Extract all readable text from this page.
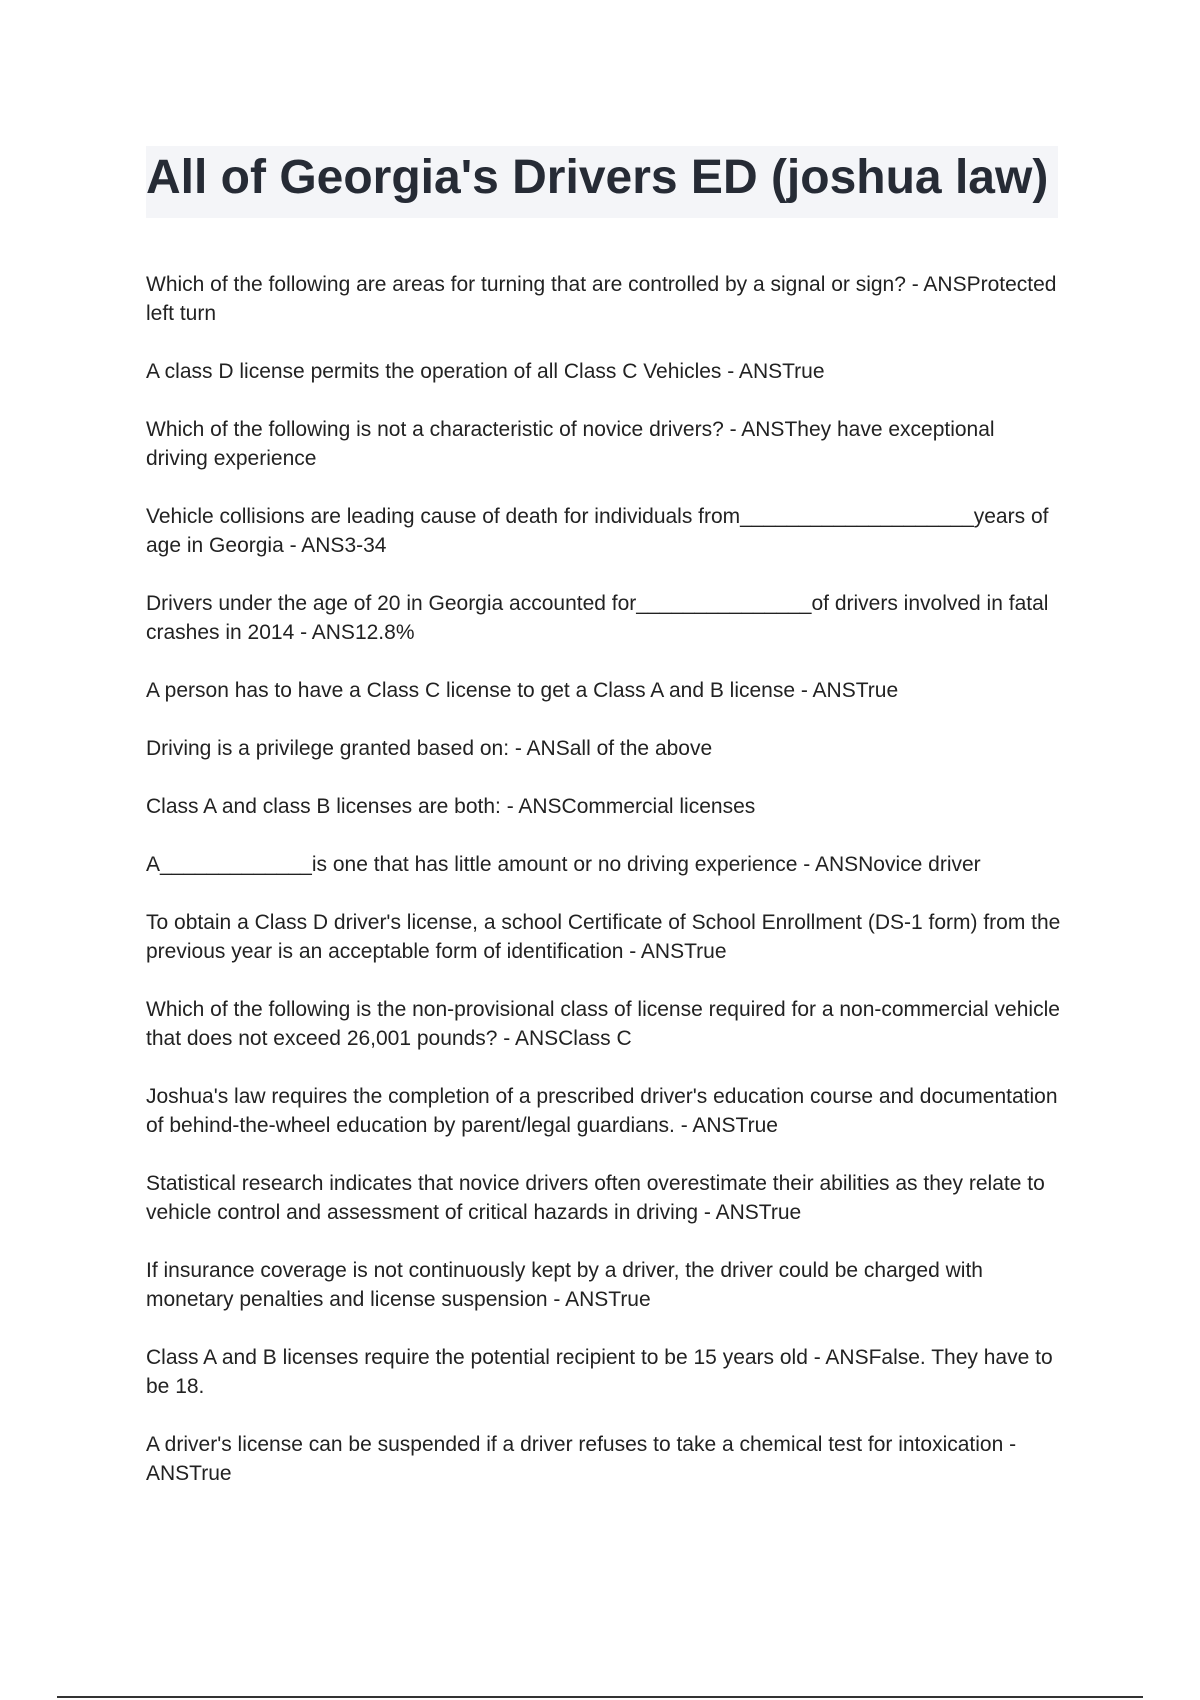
All of Georgia's Drivers ED (joshua law)
Which of the following are areas for turning that are controlled by a signal or sign? - ANSProtected left turn
A class D license permits the operation of all Class C Vehicles - ANSTrue
Which of the following is not a characteristic of novice drivers? - ANSThey have exceptional driving experience
Vehicle collisions are leading cause of death for individuals from____________________years of age in Georgia - ANS3-34
Drivers under the age of 20 in Georgia accounted for_______________of drivers involved in fatal crashes in 2014 - ANS12.8%
A person has to have a Class C license to get a Class A and B license - ANSTrue
Driving is a privilege granted based on: - ANSall of the above
Class A and class B licenses are both: - ANSCommercial licenses
A_____________is one that has little amount or no driving experience - ANSNovice driver
To obtain a Class D driver's license, a school Certificate of School Enrollment (DS-1 form) from the previous year is an acceptable form of identification - ANSTrue
Which of the following is the non-provisional class of license required for a non-commercial vehicle that does not exceed 26,001 pounds? - ANSClass C
Joshua's law requires the completion of a prescribed driver's education course and documentation of behind-the-wheel education by parent/legal guardians. - ANSTrue
Statistical research indicates that novice drivers often overestimate their abilities as they relate to vehicle control and assessment of critical hazards in driving - ANSTrue
If insurance coverage is not continuously kept by a driver, the driver could be charged with monetary penalties and license suspension - ANSTrue
Class A and B licenses require the potential recipient to be 15 years old - ANSFalse. They have to be 18.
A driver's license can be suspended if a driver refuses to take a chemical test for intoxication - ANSTrue
